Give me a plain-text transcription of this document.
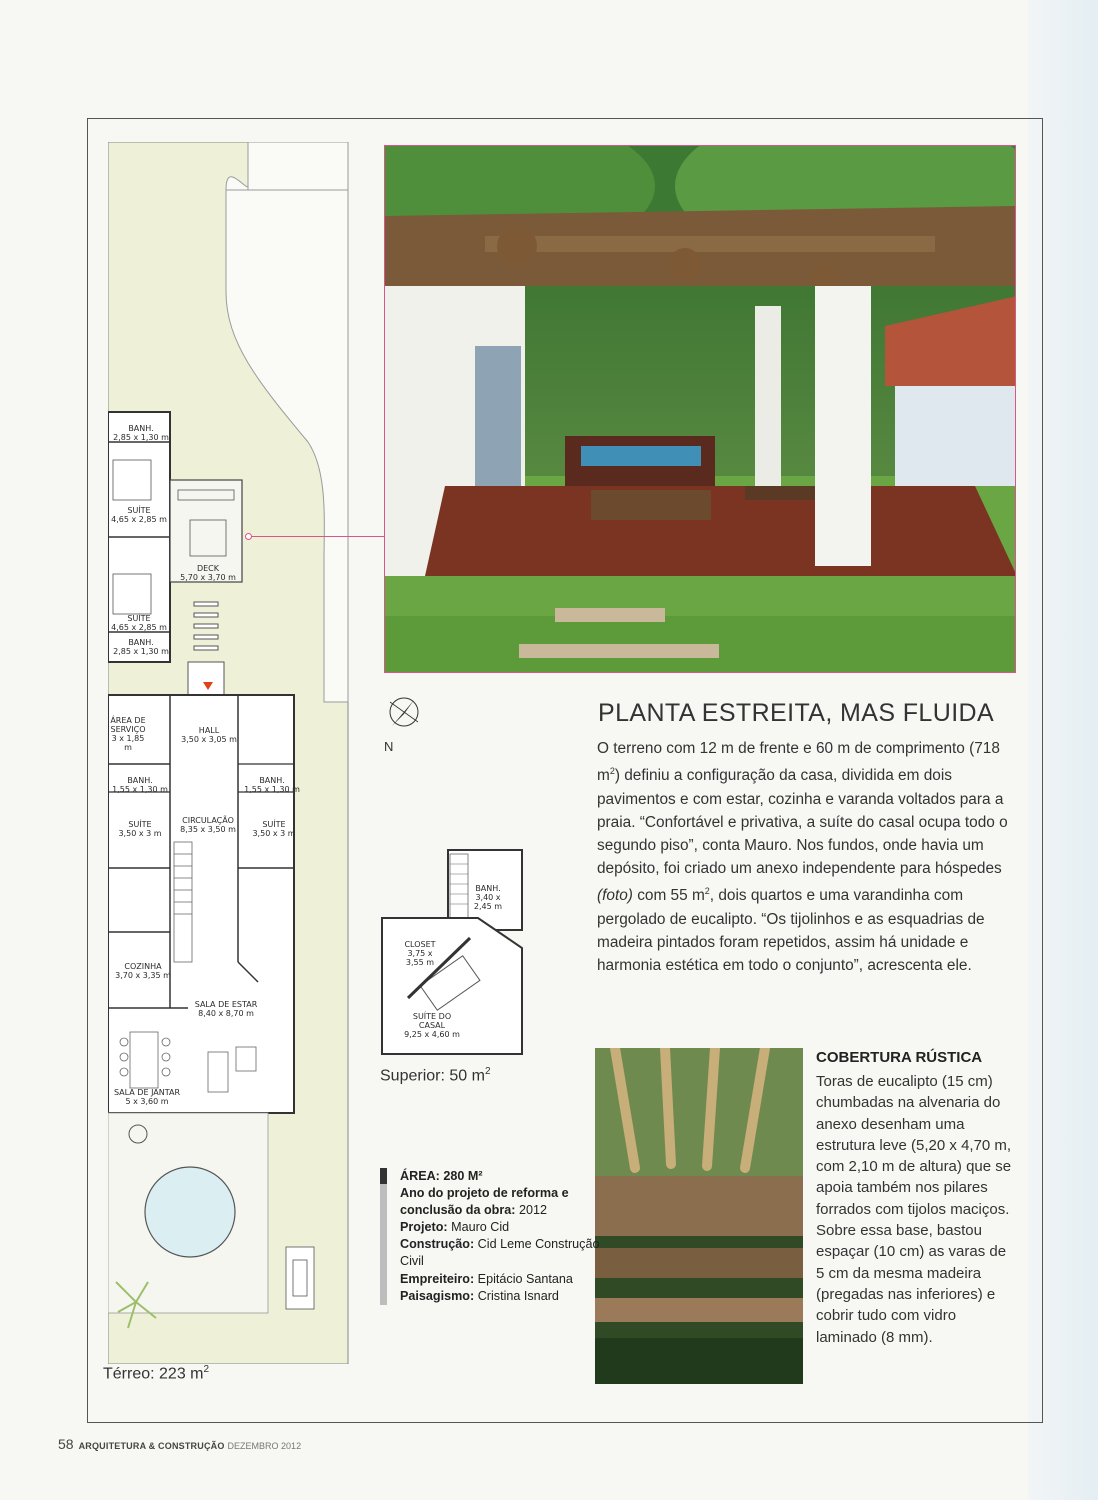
N
Superior: 50 $m^2$
Térreo: 223 $m^2$
BANH.
2,85 x 1,30 m
SUÍTE
4,65 x 2,85 m
DECK
5,70 x 3,70 m
SUÍTE
4,65 x 2,85 m
BANH.
2,85 x 1,30 m
ÁREA DE SERVIÇO
3 x 1,85 m
HALL
3,50 x 3,05 m
BANH.
1,55 x 1,30 m
BANH.
1,55 x 1,30 m
SUÍTE
3,50 x 3 m
CIRCULAÇÃO
8,35 x 3,50 m
SUÍTE
3,50 x 3 m
COZINHA
3,70 x 3,35 m
SALA DE ESTAR
8,40 x 8,70 m
SALA DE JANTAR
5 x 3,60 m
BANH.
3,40 x 2,45 m
CLOSET
3,75 x 3,55 m
SUÍTE DO CASAL
9,25 x 4,60 m
PLANTA ESTREITA, MAS FLUIDA

O terreno com 12 m de frente e 60 m de comprimento (718 $m^2$) definiu a configuração da casa, dividida em dois pavimentos e com estar, cozinha e varanda voltados para a praia. “Confortável e privativa, a suíte do casal ocupa todo o segundo piso”, conta Mauro. Nos fundos, onde havia um depósito, foi criado um anexo independente para hóspedes (foto) com 55 $m^2$, dois quartos e uma varandinha com pergolado de eucalipto. “Os tijolinhos e as esquadrias de madeira pintados foram repetidos, assim há unidade e harmonia estética em todo o conjunto”, acrescenta ele.

COBERTURA RÚSTICA

Toras de eucalipto (15 cm) chumbadas na alvenaria do anexo desenham uma estrutura leve (5,20 x 4,70 m, com 2,10 m de altura) que se apoia também nos pilares forrados com tijolos maciços. Sobre essa base, bastou espaçar (10 cm) as varas de 5 cm da mesma madeira (pregadas nas inferiores) e cobrir tudo com vidro laminado (8 mm).

ÁREA: 280 M²
Ano do projeto de reforma e conclusão da obra: 2012
Projeto: Mauro Cid
Construção: Cid Leme Construção Civil
Empreiteiro: Epitácio Santana
Paisagismo: Cristina Isnard
58 ARQUITETURA & CONSTRUÇÃO DEZEMBRO 2012
